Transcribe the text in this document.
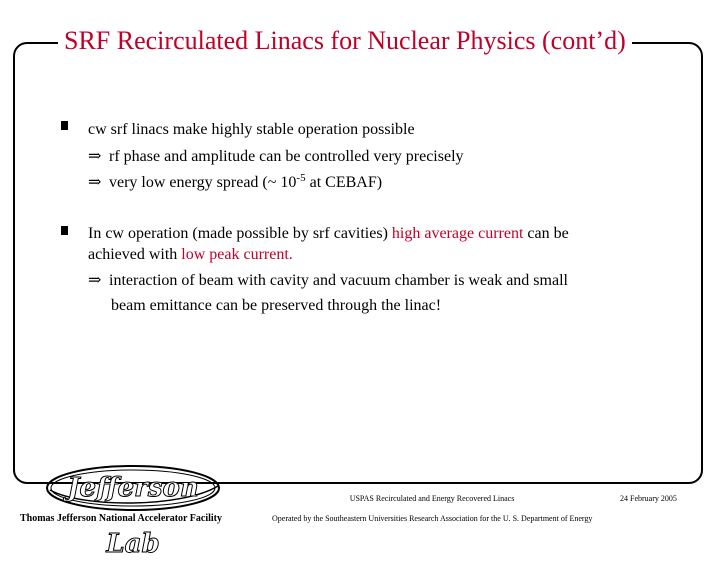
SRF Recirculated Linacs for Nuclear Physics (cont’d)
cw srf linacs make highly stable operation possible
⇒ rf phase and amplitude can be controlled very precisely
⇒ very low energy spread (~ $10^{-5}$ at CEBAF)
In cw operation (made possible by srf cavities) high average current can be
achieved with low peak current.
⇒ interaction of beam with cavity and vacuum chamber is weak and small
beam emittance can be preserved through the linac!
Jefferson Lab
Thomas Jefferson National Accelerator Facility
USPAS Recirculated and Energy Recovered Linacs
Operated by the Southeastern Universities Research Association for the U. S. Department of Energy
24 February 2005
